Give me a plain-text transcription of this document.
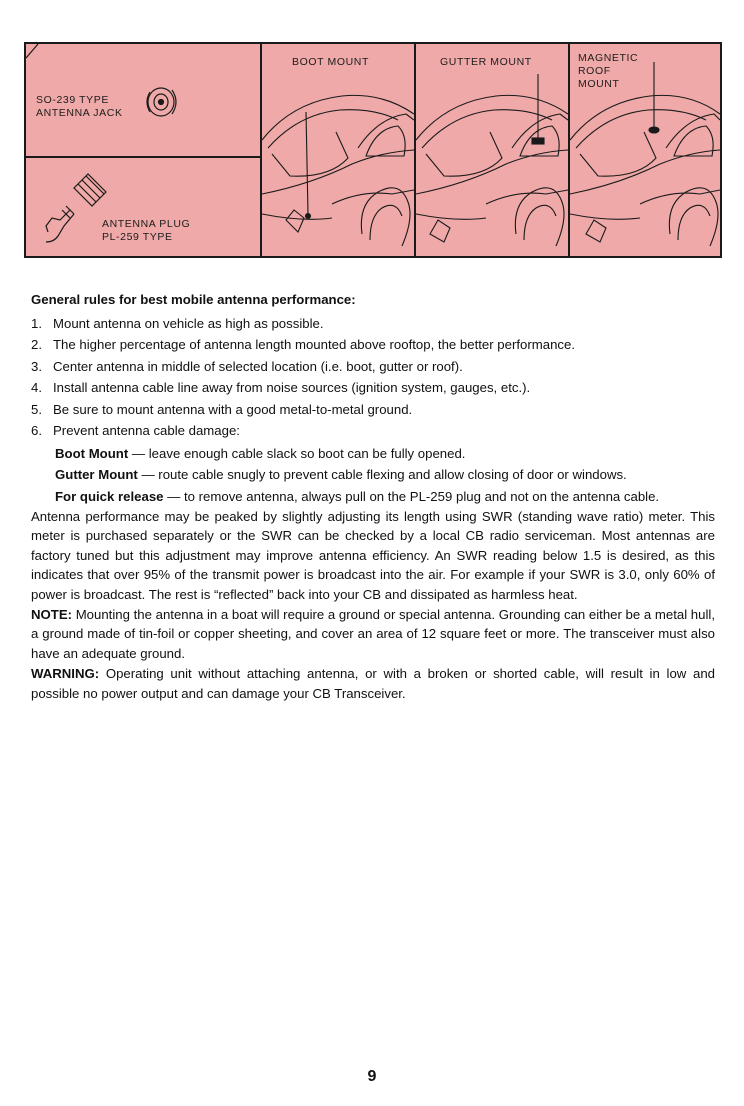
SO-239 TYPE
ANTENNA JACK
ANTENNA PLUG
PL-259 TYPE
BOOT MOUNT	GUTTER MOUNT	MAGNETIC
ROOF
MOUNT

General rules for best mobile antenna performance:

1. Mount antenna on vehicle as high as possible.
2. The higher percentage of antenna length mounted above rooftop, the better performance.
3. Center antenna in middle of selected location (i.e. boot, gutter or roof).
4. Install antenna cable line away from noise sources (ignition system, gauges, etc.).
5. Be sure to mount antenna with a good metal-to-metal ground.
6. Prevent antenna cable damage:

Boot Mount — leave enough cable slack so boot can be fully opened.

Gutter Mount — route cable snugly to prevent cable flexing and allow closing of door or windows.

For quick release — to remove antenna, always pull on the PL-259 plug and not on the antenna cable.

Antenna performance may be peaked by slightly adjusting its length using SWR (standing wave ratio) meter. This meter is purchased separately or the SWR can be checked by a local CB radio serviceman. Most antennas are factory tuned but this adjustment may improve antenna efficiency. An SWR reading below 1.5 is desired, as this indicates that over 95% of the transmit power is broadcast into the air. For example if your SWR is 3.0, only 60% of power is broadcast. The rest is “reflected” back into your CB and dissipated as harmless heat.

NOTE: Mounting the antenna in a boat will require a ground or special antenna. Grounding can either be a metal hull, a ground made of tin-foil or copper sheeting, and cover an area of 12 square feet or more. The transceiver must also have an adequate ground.

WARNING: Operating unit without attaching antenna, or with a broken or shorted cable, will result in low and possible no power output and can damage your CB Transceiver.

9
